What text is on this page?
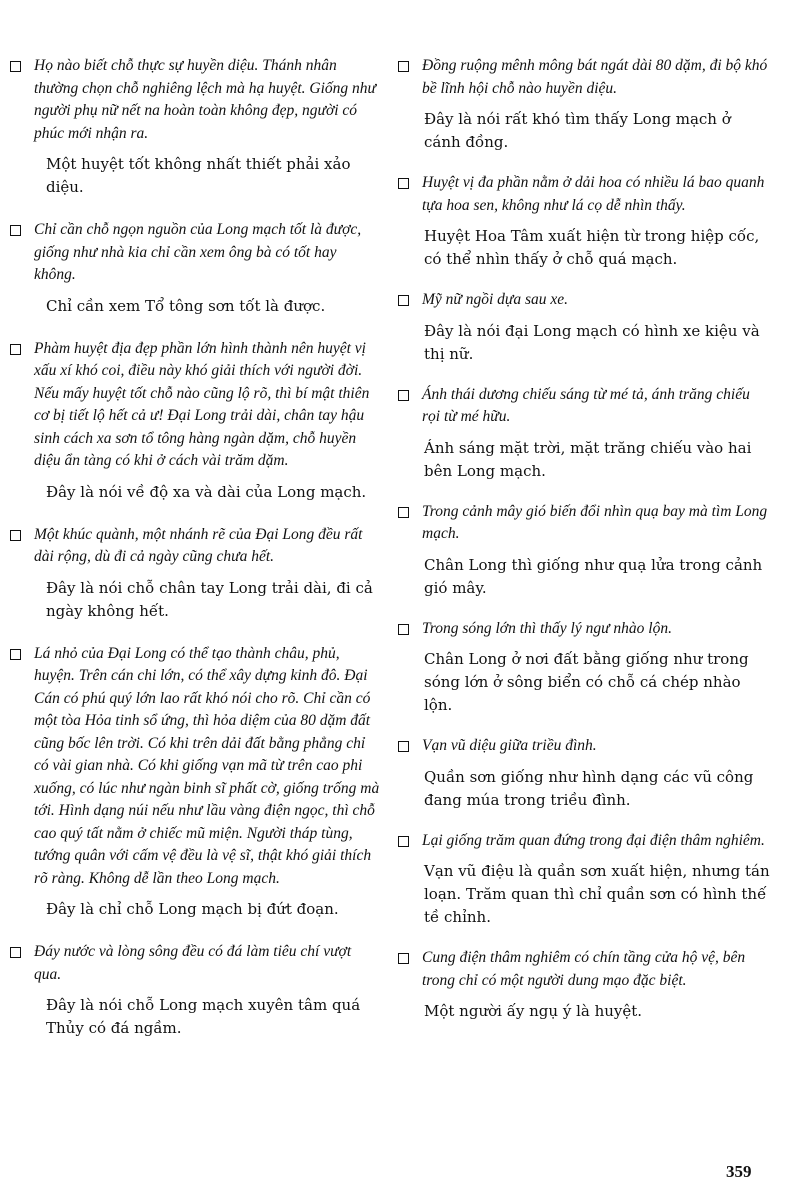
Họ nào biết chỗ thực sự huyền diệu. Thánh nhân thường chọn chỗ nghiêng lệch mà hạ huyệt. Giống như người phụ nữ nết na hoàn toàn không đẹp, người có phúc mới nhận ra.

Một huyệt tốt không nhất thiết phải xảo diệu.

Chỉ cần chỗ ngọn nguồn của Long mạch tốt là được, giống như nhà kia chỉ cần xem ông bà có tốt hay không.

Chỉ cần xem Tổ tông sơn tốt là được.

Phàm huyệt địa đẹp phần lớn hình thành nên huyệt vị xấu xí khó coi, điều này khó giải thích với người đời. Nếu mấy huyệt tốt chỗ nào cũng lộ rõ, thì bí mật thiên cơ bị tiết lộ hết cả ư! Đại Long trải dài, chân tay hậu sinh cách xa sơn tổ tông hàng ngàn dặm, chỗ huyền diệu ẩn tàng có khi ở cách vài trăm dặm.

Đây là nói về độ xa và dài của Long mạch.

Một khúc quành, một nhánh rẽ của Đại Long đều rất dài rộng, dù đi cả ngày cũng chưa hết.

Đây là nói chỗ chân tay Long trải dài, đi cả ngày không hết.

Lá nhỏ của Đại Long có thể tạo thành châu, phủ, huyện. Trên cán chi lớn, có thể xây dựng kinh đô. Đại Cán có phú quý lớn lao rất khó nói cho rõ. Chỉ cần có một tòa Hỏa tinh sổ ứng, thì hỏa diệm của 80 dặm đất cũng bốc lên trời. Có khi trên dải đất bằng phẳng chỉ có vài gian nhà. Có khi giống vạn mã từ trên cao phi xuống, có lúc như ngàn binh sĩ phất cờ, giống trống mà tới. Hình dạng núi nếu như lầu vàng điện ngọc, thì chỗ cao quý tất nằm ở chiếc mũ miện. Người tháp tùng, tướng quân với cấm vệ đều là vệ sĩ, thật khó giải thích rõ ràng. Không dễ lần theo Long mạch.

Đây là chỉ chỗ Long mạch bị đứt đoạn.

Đáy nước và lòng sông đều có đá làm tiêu chí vượt qua.

Đây là nói chỗ Long mạch xuyên tâm quá Thủy có đá ngầm.

Đồng ruộng mênh mông bát ngát dài 80 dặm, đi bộ khó bề lĩnh hội chỗ nào huyền diệu.

Đây là nói rất khó tìm thấy Long mạch ở cánh đồng.

Huyệt vị đa phần nằm ở dải hoa có nhiều lá bao quanh tựa hoa sen, không như lá cọ dễ nhìn thấy.

Huyệt Hoa Tâm xuất hiện từ trong hiệp cốc, có thể nhìn thấy ở chỗ quá mạch.

Mỹ nữ ngồi dựa sau xe.

Đây là nói đại Long mạch có hình xe kiệu và thị nữ.

Ánh thái dương chiếu sáng từ mé tả, ánh trăng chiếu rọi từ mé hữu.

Ánh sáng mặt trời, mặt trăng chiếu vào hai bên Long mạch.

Trong cảnh mây gió biến đổi nhìn quạ bay mà tìm Long mạch.

Chân Long thì giống như quạ lửa trong cảnh gió mây.

Trong sóng lớn thì thấy lý ngư nhào lộn.

Chân Long ở nơi đất bằng giống như trong sóng lớn ở sông biển có chỗ cá chép nhào lộn.

Vạn vũ diệu giữa triều đình.

Quần sơn giống như hình dạng các vũ công đang múa trong triều đình.

Lại giống trăm quan đứng trong đại điện thâm nghiêm.

Vạn vũ điệu là quần sơn xuất hiện, nhưng tán loạn. Trăm quan thì chỉ quần sơn có hình thế tề chỉnh.

Cung điện thâm nghiêm có chín tầng cửa hộ vệ, bên trong chỉ có một người dung mạo đặc biệt.

Một người ấy ngụ ý là huyệt.

359
